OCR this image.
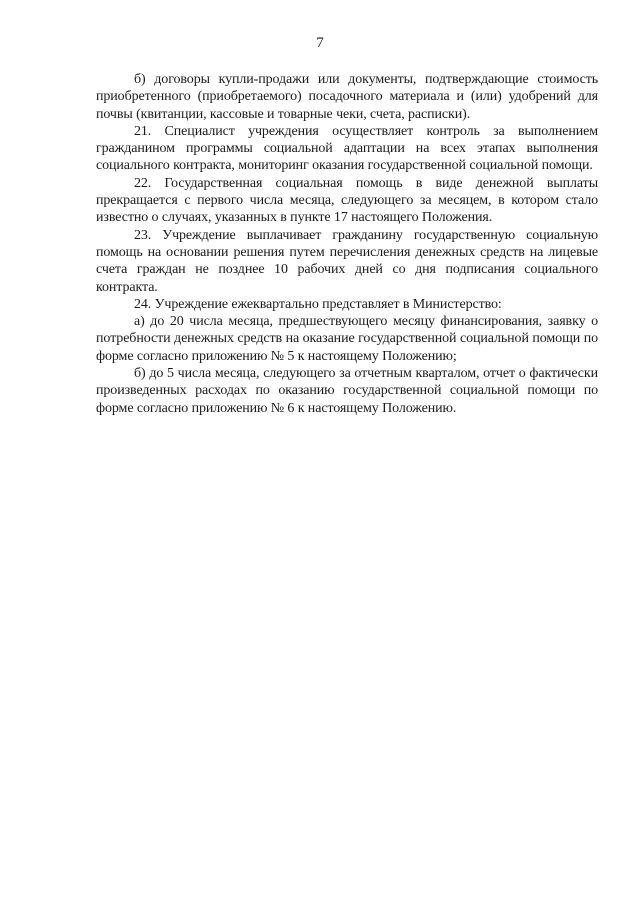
7

б) договоры купли-продажи или документы, подтверждающие стоимость приобретенного (приобретаемого) посадочного материала и (или) удобрений для почвы (квитанции, кассовые и товарные чеки, счета, расписки).

21. Специалист учреждения осуществляет контроль за выполнением гражданином программы социальной адаптации на всех этапах выполнения социального контракта, мониторинг оказания государственной социальной помощи.

22. Государственная социальная помощь в виде денежной выплаты прекращается с первого числа месяца, следующего за месяцем, в котором стало известно о случаях, указанных в пункте 17 настоящего Положения.

23. Учреждение выплачивает гражданину государственную социальную помощь на основании решения путем перечисления денежных средств на лицевые счета граждан не позднее 10 рабочих дней со дня подписания социального контракта.

24. Учреждение ежеквартально представляет в Министерство:

а) до 20 числа месяца, предшествующего месяцу финансирования, заявку о потребности денежных средств на оказание государственной социальной помощи по форме согласно приложению № 5 к настоящему Положению;

б) до 5 числа месяца, следующего за отчетным кварталом, отчет о фактически произведенных расходах по оказанию государственной социальной помощи по форме согласно приложению № 6 к настоящему Положению.
